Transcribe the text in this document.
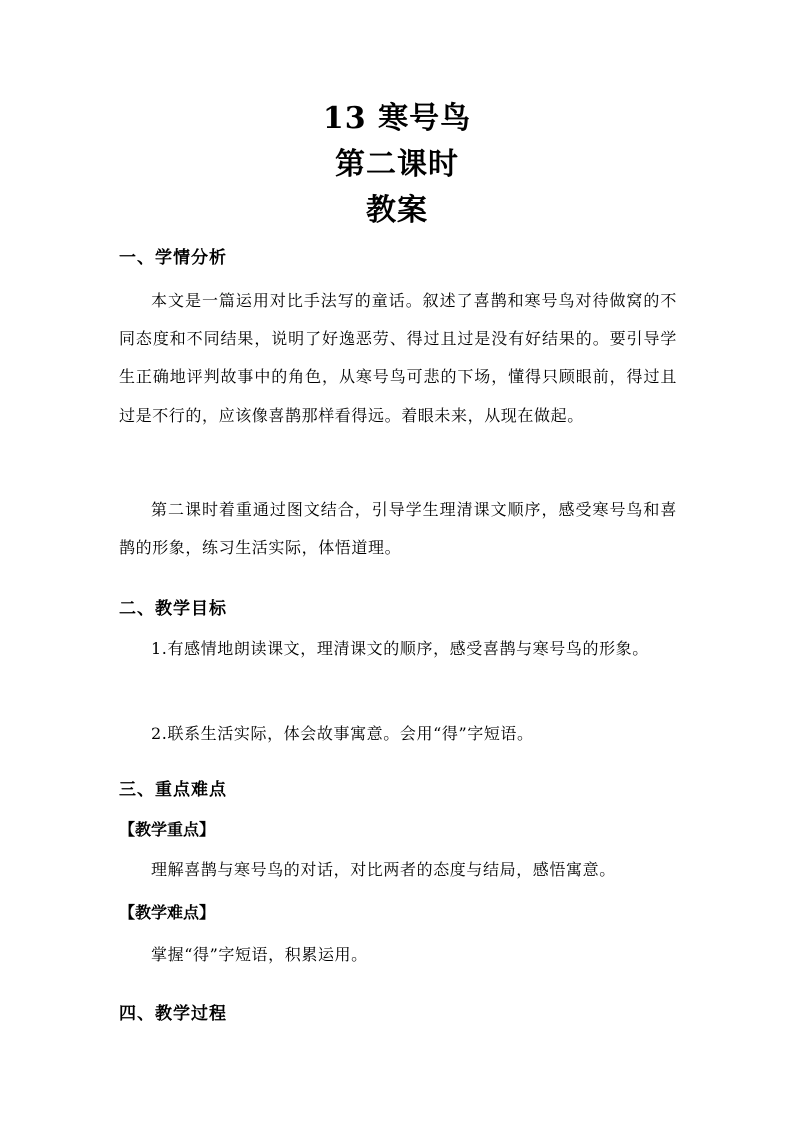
13 寒号鸟
第二课时
教案
一、学情分析
本文是一篇运用对比手法写的童话。叙述了喜鹊和寒号鸟对待做窝的不同态度和不同结果，说明了好逸恶劳、得过且过是没有好结果的。要引导学生正确地评判故事中的角色，从寒号鸟可悲的下场，懂得只顾眼前，得过且过是不行的，应该像喜鹊那样看得远。着眼未来，从现在做起。
第二课时着重通过图文结合，引导学生理清课文顺序，感受寒号鸟和喜鹊的形象，练习生活实际，体悟道理。
二、教学目标
1.有感情地朗读课文，理清课文的顺序，感受喜鹊与寒号鸟的形象。
2.联系生活实际，体会故事寓意。会用“得”字短语。
三、重点难点
【教学重点】
理解喜鹊与寒号鸟的对话，对比两者的态度与结局，感悟寓意。
【教学难点】
掌握“得”字短语，积累运用。
四、教学过程
